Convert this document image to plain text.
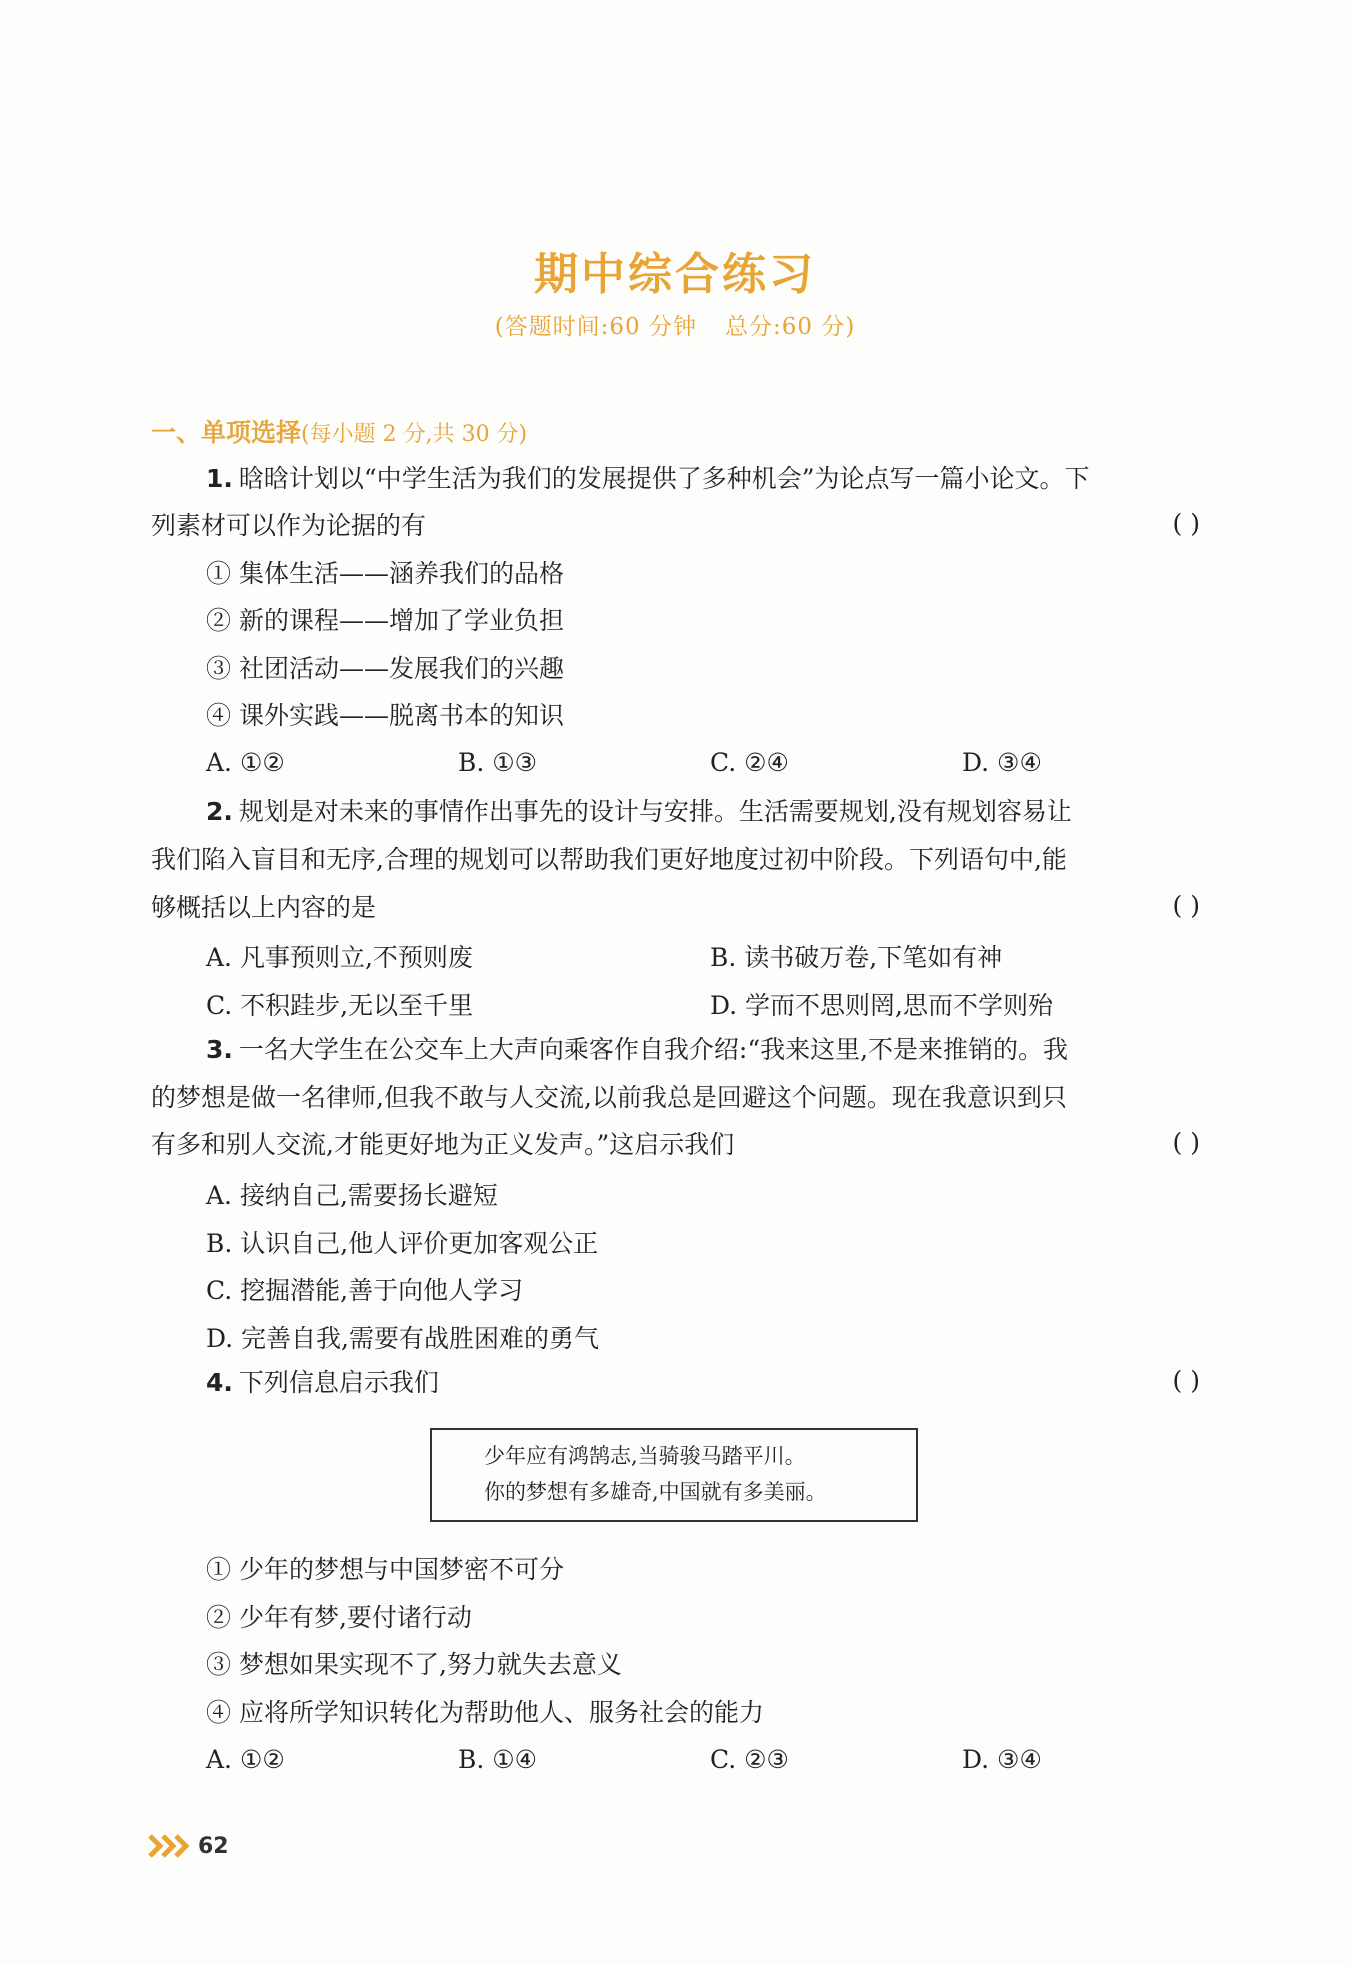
期中综合练习
(答题时间:60 分钟 总分:60 分)
一、单项选择(每小题 2 分,共 30 分)
1. 晗晗计划以“中学生活为我们的发展提供了多种机会”为论点写一篇小论文。下
列素材可以作为论据的有	( )
① 集体生活——涵养我们的品格
② 新的课程——增加了学业负担
③ 社团活动——发展我们的兴趣
④ 课外实践——脱离书本的知识
A. ①②	B. ①③	C. ②④	D. ③④
2. 规划是对未来的事情作出事先的设计与安排。生活需要规划,没有规划容易让
我们陷入盲目和无序,合理的规划可以帮助我们更好地度过初中阶段。下列语句中,能
够概括以上内容的是	( )
A. 凡事预则立,不预则废	B. 读书破万卷,下笔如有神
C. 不积跬步,无以至千里	D. 学而不思则罔,思而不学则殆
3. 一名大学生在公交车上大声向乘客作自我介绍:“我来这里,不是来推销的。我
的梦想是做一名律师,但我不敢与人交流,以前我总是回避这个问题。现在我意识到只
有多和别人交流,才能更好地为正义发声。”这启示我们	( )
A. 接纳自己,需要扬长避短
B. 认识自己,他人评价更加客观公正
C. 挖掘潜能,善于向他人学习
D. 完善自我,需要有战胜困难的勇气
4. 下列信息启示我们	( )
少年应有鸿鹄志,当骑骏马踏平川。
你的梦想有多雄奇,中国就有多美丽。
① 少年的梦想与中国梦密不可分
② 少年有梦,要付诸行动
③ 梦想如果实现不了,努力就失去意义
④ 应将所学知识转化为帮助他人、服务社会的能力
A. ①②	B. ①④	C. ②③	D. ③④
62
